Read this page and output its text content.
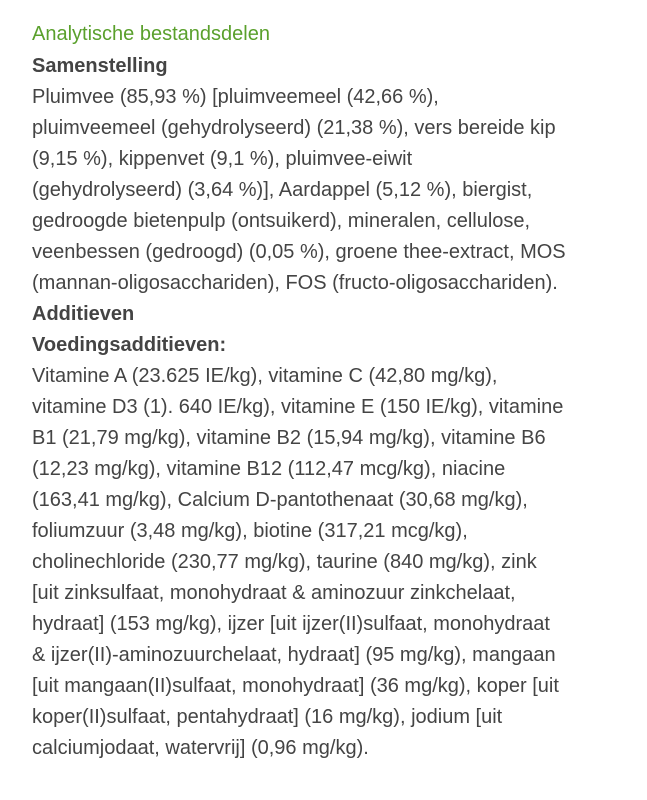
Analytische bestandsdelen
Samenstelling

Pluimvee (85,93 %) [pluimveemeel (42,66 %),
pluimveemeel (gehydrolyseerd) (21,38 %), vers bereide kip
(9,15 %), kippenvet (9,1 %), pluimvee-eiwit
(gehydrolyseerd) (3,64 %)], Aardappel (5,12 %), biergist,
gedroogde bietenpulp (ontsuikerd), mineralen, cellulose,
veenbessen (gedroogd) (0,05 %), groene thee-extract, MOS
(mannan-oligosacchariden), FOS (fructo-oligosacchariden).

Additieven
Voedingsadditieven:

Vitamine A (23.625 IE/kg), vitamine C (42,80 mg/kg),
vitamine D3 (1). 640 IE/kg), vitamine E (150 IE/kg), vitamine
B1 (21,79 mg/kg), vitamine B2 (15,94 mg/kg), vitamine B6
(12,23 mg/kg), vitamine B12 (112,47 mcg/kg), niacine
(163,41 mg/kg), Calcium D-pantothenaat (30,68 mg/kg),
foliumzuur (3,48 mg/kg), biotine (317,21 mcg/kg),
cholinechloride (230,77 mg/kg), taurine (840 mg/kg), zink
[uit zinksulfaat, monohydraat & aminozuur zinkchelaat,
hydraat] (153 mg/kg), ijzer [uit ijzer(II)sulfaat, monohydraat
& ijzer(II)-aminozuurchelaat, hydraat] (95 mg/kg), mangaan
[uit mangaan(II)sulfaat, monohydraat] (36 mg/kg), koper [uit
koper(II)sulfaat, pentahydraat] (16 mg/kg), jodium [uit
calciumjodaat, watervrij] (0,96 mg/kg).
